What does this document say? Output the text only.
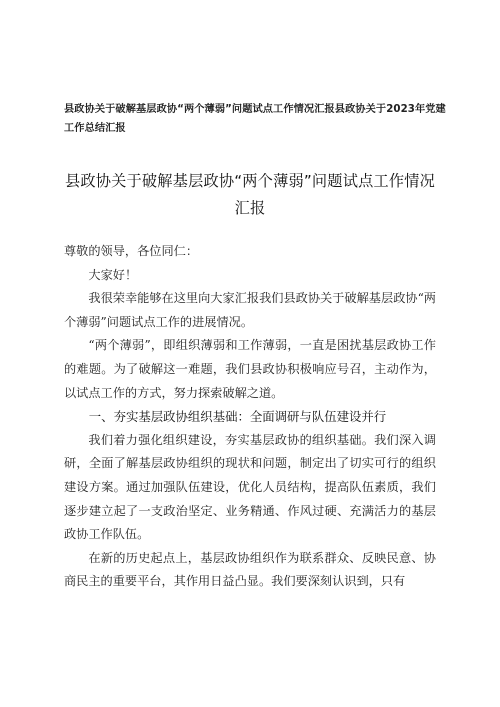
县政协关于破解基层政协“两个薄弱”问题试点工作情况汇报县政协关于2023年党建工作总结汇报
县政协关于破解基层政协“两个薄弱”问题试点工作情况汇报

尊敬的领导，各位同仁：

大家好！

我很荣幸能够在这里向大家汇报我们县政协关于破解基层政协“两个薄弱”问题试点工作的进展情况。

“两个薄弱”，即组织薄弱和工作薄弱，一直是困扰基层政协工作的难题。为了破解这一难题，我们县政协积极响应号召，主动作为，以试点工作的方式，努力探索破解之道。

一、夯实基层政协组织基础：全面调研与队伍建设并行

我们着力强化组织建设，夯实基层政协的组织基础。我们深入调研，全面了解基层政协组织的现状和问题，制定出了切实可行的组织建设方案。通过加强队伍建设，优化人员结构，提高队伍素质，我们逐步建立起了一支政治坚定、业务精通、作风过硬、充满活力的基层政协工作队伍。

在新的历史起点上，基层政协组织作为联系群众、反映民意、协商民主的重要平台，其作用日益凸显。我们要深刻认识到，只有
